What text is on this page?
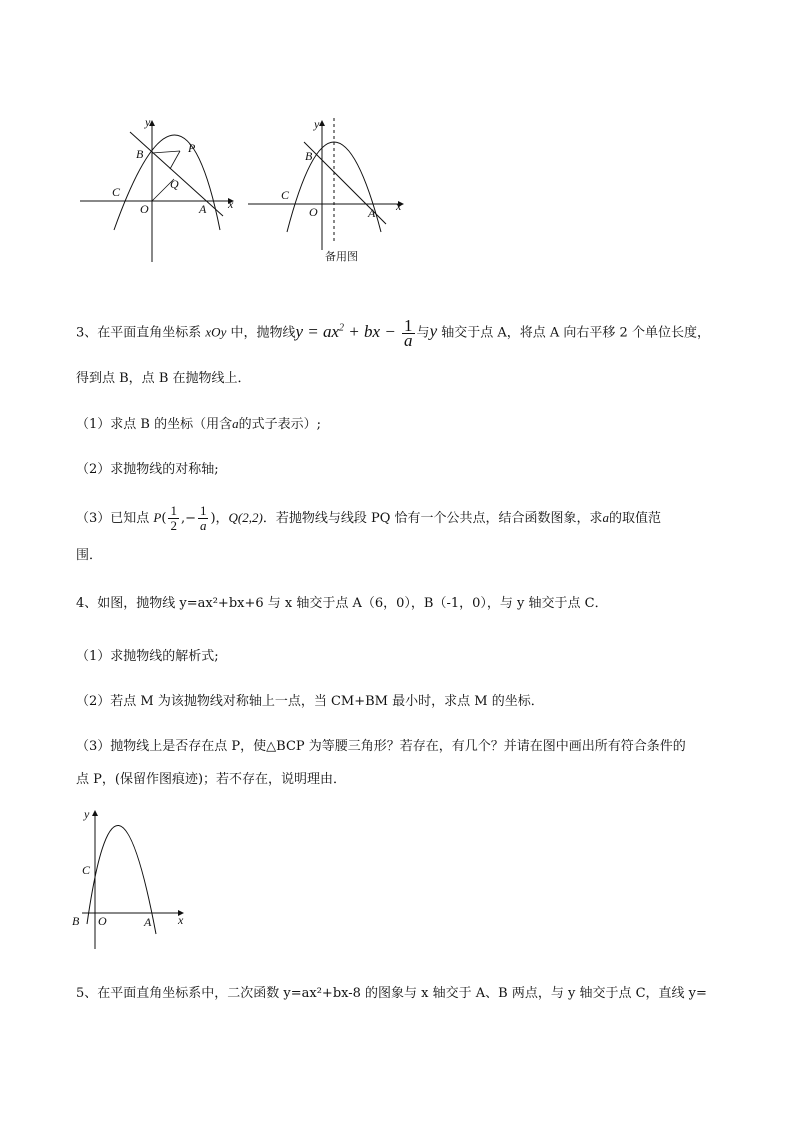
y
x
B	P
Q
C
O	A
y
x
B
C
O	A
备用图
3、在平面直角坐标系 xOy 中，抛物线$y = ax^2$ + bx − $\frac{1}{a}$ 与y 轴交于点 A，将点 A 向右平移 2 个单位长度，
得到点 B，点 B 在抛物线上．
（1）求点 B 的坐标（用含a的式子表示）;
（2）求抛物线的对称轴;
（3）已知点 $P( \frac{1}{2}$ ,− $\frac{1}{a}$ )，Q(2,2)．若抛物线与线段 PQ 恰有一个公共点，结合函数图象，求a的取值范
围．
4、如图，抛物线 y=ax²+bx+6 与 x 轴交于点 A（6，0），B（-1，0），与 y 轴交于点 C．
（1）求抛物线的解析式;
（2）若点 M 为该抛物线对称轴上一点，当 CM+BM 最小时，求点 M 的坐标．
（3）抛物线上是否存在点 P，使△BCP 为等腰三角形？若存在，有几个？并请在图中画出所有符合条件的
点 P，(保留作图痕迹)；若不存在，说明理由．
y
x
C
B O	A
5、在平面直角坐标系中，二次函数 y=ax²+bx-8 的图象与 x 轴交于 A、B 两点，与 y 轴交于点 C，直线 y=
